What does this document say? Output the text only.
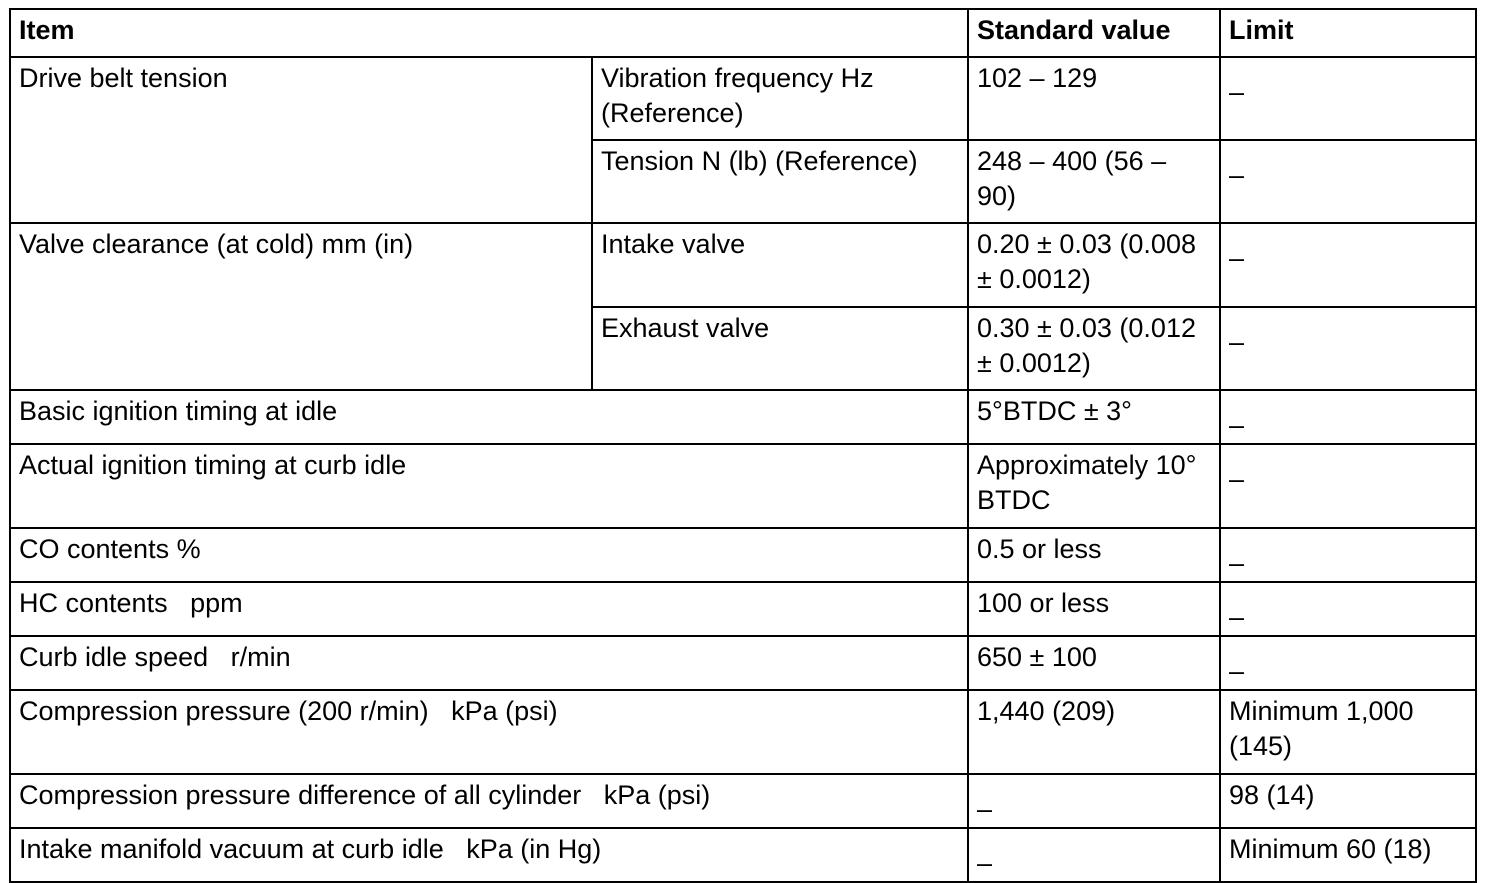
Item		Standard value	Limit
Drive belt tension	Vibration frequency Hz (Reference)	102 – 129	–
	Tension N (lb) (Reference)	248 – 400 (56 – 90)	–
Valve clearance (at cold) mm (in)	Intake valve	0.20 ± 0.03 (0.008 ± 0.0012)	–
	Exhaust valve	0.30 ± 0.03 (0.012 ± 0.0012)	–
Basic ignition timing at idle		5°BTDC ± 3°	–
Actual ignition timing at curb idle		Approximately 10° BTDC	–
CO contents %		0.5 or less	–
HC contents   ppm		100 or less	–
Curb idle speed   r/min		650 ± 100	–
Compression pressure (200 r/min)   kPa (psi)		1,440 (209)	Minimum 1,000 (145)
Compression pressure difference of all cylinder   kPa (psi)		–	98 (14)
Intake manifold vacuum at curb idle   kPa (in Hg)		–	Minimum 60 (18)
